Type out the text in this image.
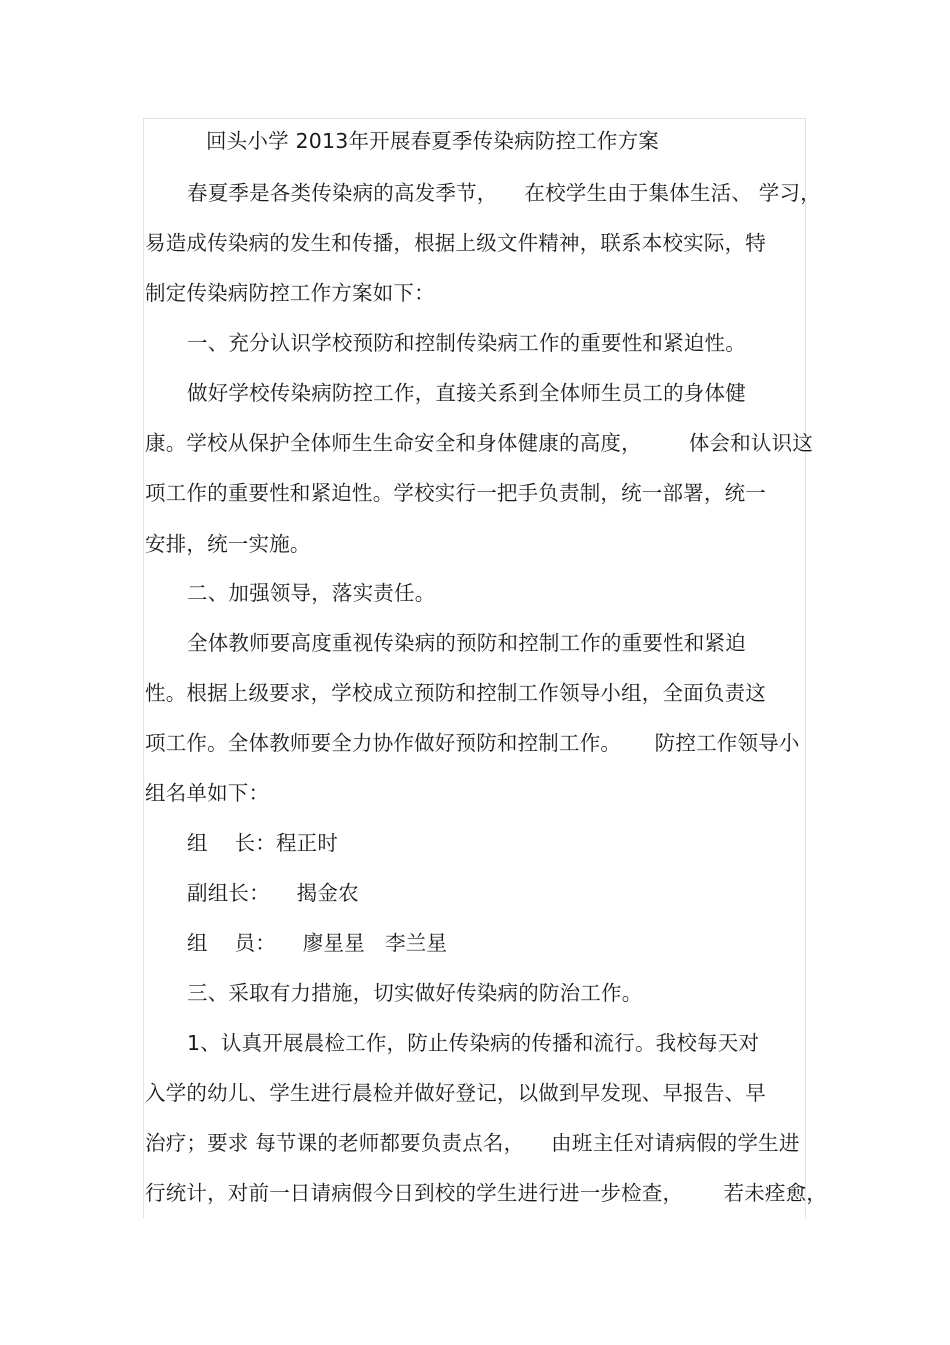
回头小学 2013年开展春夏季传染病防控工作方案
春夏季是各类传染病的高发季节，    在校学生由于集体生活、 学习，
易造成传染病的发生和传播，根据上级文件精神，联系本校实际，特
制定传染病防控工作方案如下：
一、充分认识学校预防和控制传染病工作的重要性和紧迫性。
做好学校传染病防控工作，直接关系到全体师生员工的身体健
康。学校从保护全体师生生命安全和身体健康的高度，       体会和认识这
项工作的重要性和紧迫性。学校实行一把手负责制，统一部署，统一
安排，统一实施。
二、加强领导，落实责任。
全体教师要高度重视传染病的预防和控制工作的重要性和紧迫
性。根据上级要求，学校成立预防和控制工作领导小组，全面负责这
项工作。全体教师要全力协作做好预防和控制工作。     防控工作领导小
组名单如下：
组    长：程正时
副组长：    揭金农
组    员：    廖星星   李兰星
三、采取有力措施，切实做好传染病的防治工作。
1、认真开展晨检工作，防止传染病的传播和流行。我校每天对
入学的幼儿、学生进行晨检并做好登记，以做到早发现、早报告、早
治疗；要求 每节课的老师都要负责点名，    由班主任对请病假的学生进
行统计，对前一日请病假今日到校的学生进行进一步检查，      若未痊愈，
